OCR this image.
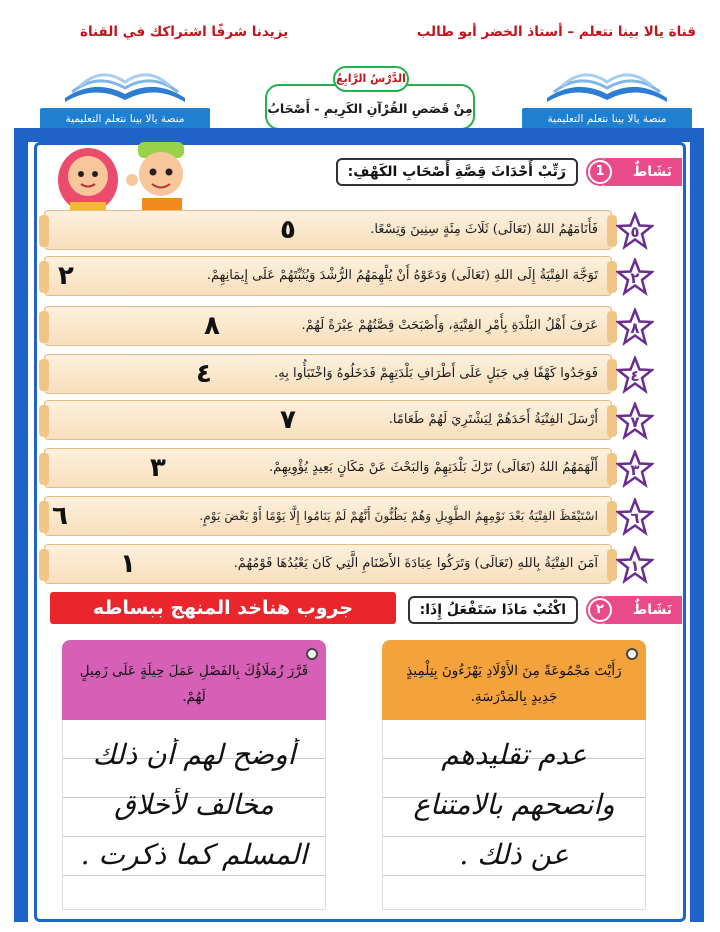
قناة يالا بينا نتعلم – أستاذ الخضر أبو طالب
يزيدنا شرفًا اشتراكك في القناة
منصة يالا بينا نتعلم التعليمية
منصة يالا بينا نتعلم التعليمية
الدَّرْسُ الرَّابِعُ
مِنْ قَصَصِ القُرْآنِ الكَرِيمِ - أَصْحَابُ
نَشَاطٌ
1
رَتِّبْ أَحْدَاثَ قِصَّةِ أَصْحَابِ الكَهْفِ:
فَأَنَامَهُمُ اللهُ (تَعَالَى) ثَلَاثَ مِئَةٍ سِنِينَ وَتِسْعًا.
٥	٥
تَوَجَّهَ الفِتْيَةُ إِلَى اللهِ (تَعَالَى) وَدَعَوْهُ أَنْ يُلْهِمَهُمُ الرُّشْدَ وَيُثَبِّتَهُمْ عَلَى إِيمَانِهِمْ.
٢	٢
عَرَفَ أَهْلُ البَلْدَةِ بِأَمْرِ الفِتْيَةِ، وَأَصْبَحَتْ قِصَّتُهُمْ عِبْرَةً لَهُمْ.
٨	٨
فَوَجَدُوا كَهْفًا فِي جَبَلٍ عَلَى أَطْرَافِ بَلْدَتِهِمْ فَدَخَلُوهُ وَاخْتَبَأُوا بِهِ.
٤	٤
أَرْسَلَ الفِتْيَةُ أَحَدَهُمْ لِيَشْتَرِيَ لَهُمْ طَعَامًا.
٧	٧
أَلْهَمَهُمُ اللهُ (تَعَالَى) تَرْكَ بَلْدَتِهِمْ وَالبَحْثَ عَنْ مَكَانٍ بَعِيدٍ يُؤْوِيهِمْ.
٣	٣
اسْتَيْقَظَ الفِتْيَةُ بَعْدَ نَوْمِهِمُ الطَّوِيلِ وَهُمْ يَظُنُّونَ أَنَّهُمْ لَمْ يَنَامُوا إِلَّا يَوْمًا أَوْ بَعْضَ يَوْمٍ.
٦	٦
آمَنَ الفِتْيَةُ بِاللهِ (تَعَالَى) وَتَرَكُوا عِبَادَةَ الأَصْنَامِ الَّتِي كَانَ يَعْبُدُهَا قَوْمُهُمْ.
١	١
جروب هناخد المنهج ببساطه	نَشَاطٌ
٢
اكْتُبْ مَاذَا سَتَفْعَلُ إِذَا:
رَأَيْتَ مَجْمُوعَةً مِنَ الأَوْلَادِ يَهْزَءُونَ بِتِلْمِيذٍ جَدِيدٍ بِالمَدْرَسَةِ.
عدم تقليدهم
وانصحهم بالامتناع
عن ذلك .
قَرَّرَ زُمَلَاؤُكَ بِالفَصْلِ عَمَلَ حِيلَةٍ عَلَى زَمِيلٍ لَهُمْ.
أوضح لهم أن ذلك
مخالف لأخلاق
المسلم كما ذكرت .
